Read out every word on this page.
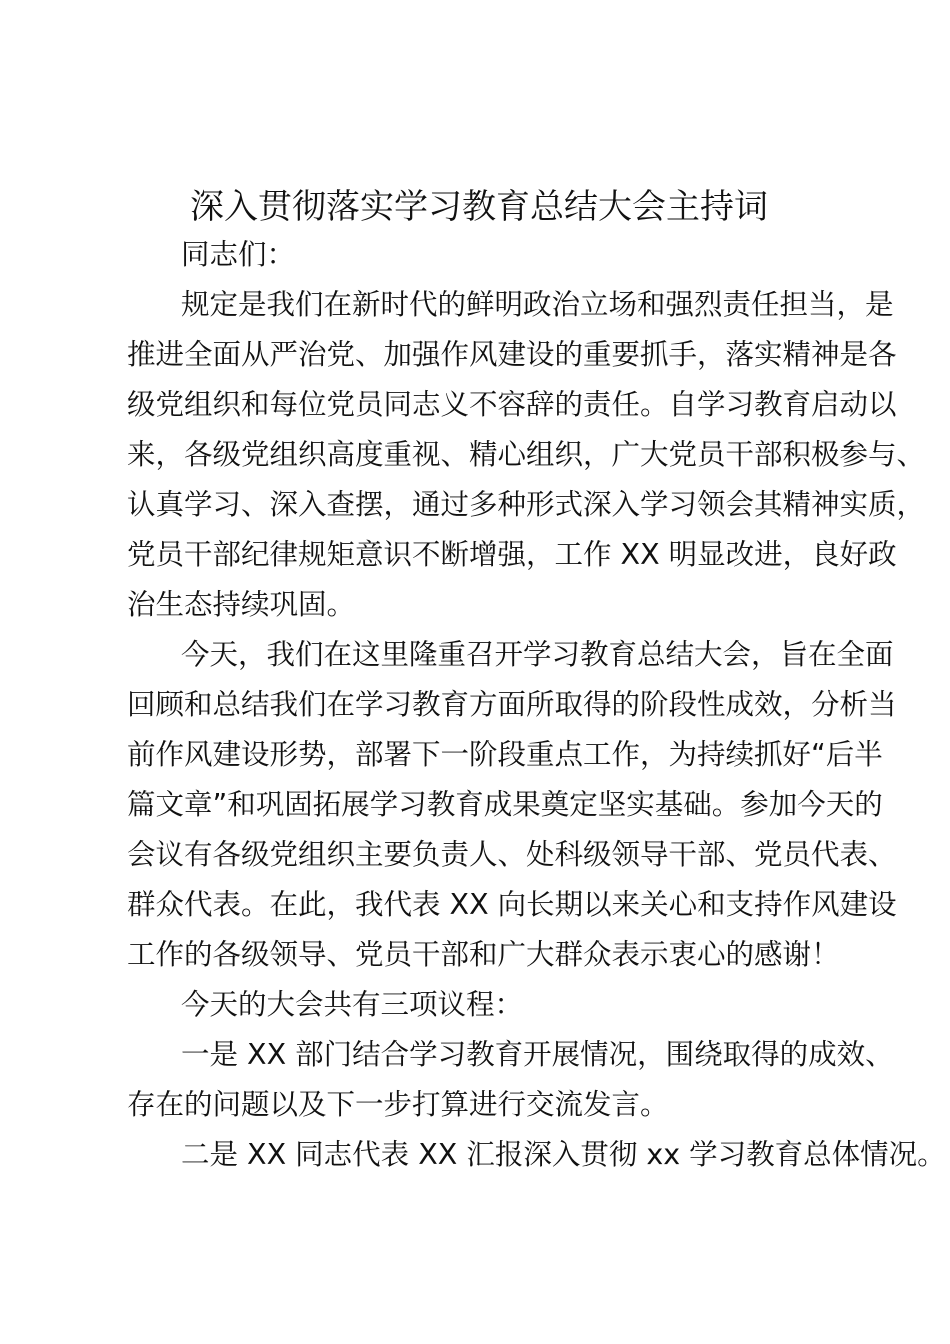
深入贯彻落实学习教育总结大会主持词
同志们：
规定是我们在新时代的鲜明政治立场和强烈责任担当，是
推进全面从严治党、加强作风建设的重要抓手，落实精神是各
级党组织和每位党员同志义不容辞的责任。自学习教育启动以
来，各级党组织高度重视、精心组织，广大党员干部积极参与、
认真学习、深入查摆，通过多种形式深入学习领会其精神实质，
党员干部纪律规矩意识不断增强，工作 XX 明显改进，良好政
治生态持续巩固。
今天，我们在这里隆重召开学习教育总结大会，旨在全面
回顾和总结我们在学习教育方面所取得的阶段性成效，分析当
前作风建设形势，部署下一阶段重点工作，为持续抓好“后半
篇文章”和巩固拓展学习教育成果奠定坚实基础。参加今天的
会议有各级党组织主要负责人、处科级领导干部、党员代表、
群众代表。在此，我代表 XX 向长期以来关心和支持作风建设
工作的各级领导、党员干部和广大群众表示衷心的感谢！
今天的大会共有三项议程：
一是 XX 部门结合学习教育开展情况，围绕取得的成效、
存在的问题以及下一步打算进行交流发言。
二是 XX 同志代表 XX 汇报深入贯彻 xx 学习教育总体情况。
